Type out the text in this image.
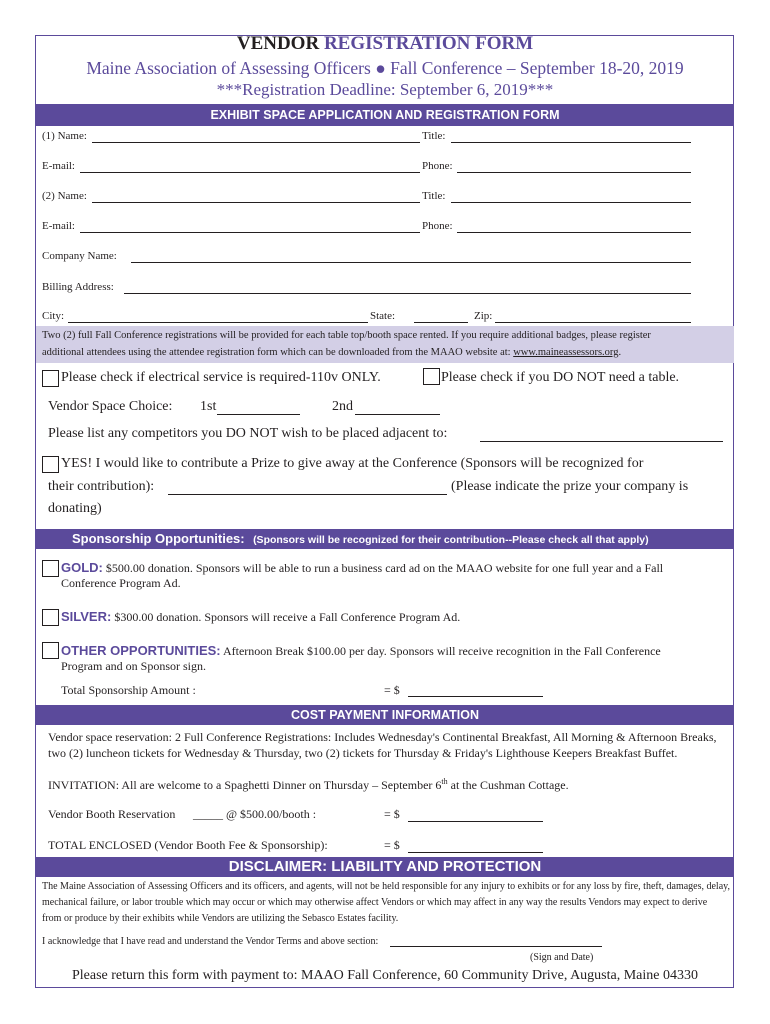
VENDOR REGISTRATION FORM
Maine Association of Assessing Officers ● Fall Conference – September 18-20, 2019
***Registration Deadline: September 6, 2019***
EXHIBIT SPACE APPLICATION AND REGISTRATION FORM
(1) Name:	Title:
E-mail:	Phone:
(2) Name:	Title:
E-mail:	Phone:
Company Name:
Billing Address:
City:	State:	Zip:
Two (2) full Fall Conference registrations will be provided for each table top/booth space rented. If you require additional badges, please register
additional attendees using the attendee registration form which can be downloaded from the MAAO website at: www.maineassessors.org.
Please check if electrical service is required-110v ONLY.	Please check if you DO NOT need a table.
Vendor Space Choice: 1st	2nd
Please list any competitors you DO NOT wish to be placed adjacent to:
YES! I would like to contribute a Prize to give away at the Conference (Sponsors will be recognized for
their contribution):	(Please indicate the prize your company is
donating)
Sponsorship Opportunities: (Sponsors will be recognized for their contribution--Please check all that apply)
GOLD: $500.00 donation. Sponsors will be able to run a business card ad on the MAAO website for one full year and a Fall
Conference Program Ad.
SILVER: $300.00 donation. Sponsors will receive a Fall Conference Program Ad.
OTHER OPPORTUNITIES: Afternoon Break $100.00 per day. Sponsors will receive recognition in the Fall Conference
Program and on Sponsor sign.
Total Sponsorship Amount :	= $
COST PAYMENT INFORMATION
Vendor space reservation: 2 Full Conference Registrations: Includes Wednesday's Continental Breakfast, All Morning & Afternoon Breaks,
two (2) luncheon tickets for Wednesday & Thursday, two (2) tickets for Thursday & Friday's Lighthouse Keepers Breakfast Buffet.
INVITATION: All are welcome to a Spaghetti Dinner on Thursday – September 6th at the Cushman Cottage.
Vendor Booth Reservation _____ @ $500.00/booth :	= $
TOTAL ENCLOSED (Vendor Booth Fee & Sponsorship):	= $
DISCLAIMER: LIABILITY AND PROTECTION
The Maine Association of Assessing Officers and its officers, and agents, will not be held responsible for any injury to exhibits or for any loss by fire, theft, damages, delay,
mechanical failure, or labor trouble which may occur or which may otherwise affect Vendors or which may affect in any way the results Vendors may expect to derive
from or produce by their exhibits while Vendors are utilizing the Sebasco Estates facility.
I acknowledge that I have read and understand the Vendor Terms and above section:
(Sign and Date)
Please return this form with payment to: MAAO Fall Conference, 60 Community Drive, Augusta, Maine 04330
